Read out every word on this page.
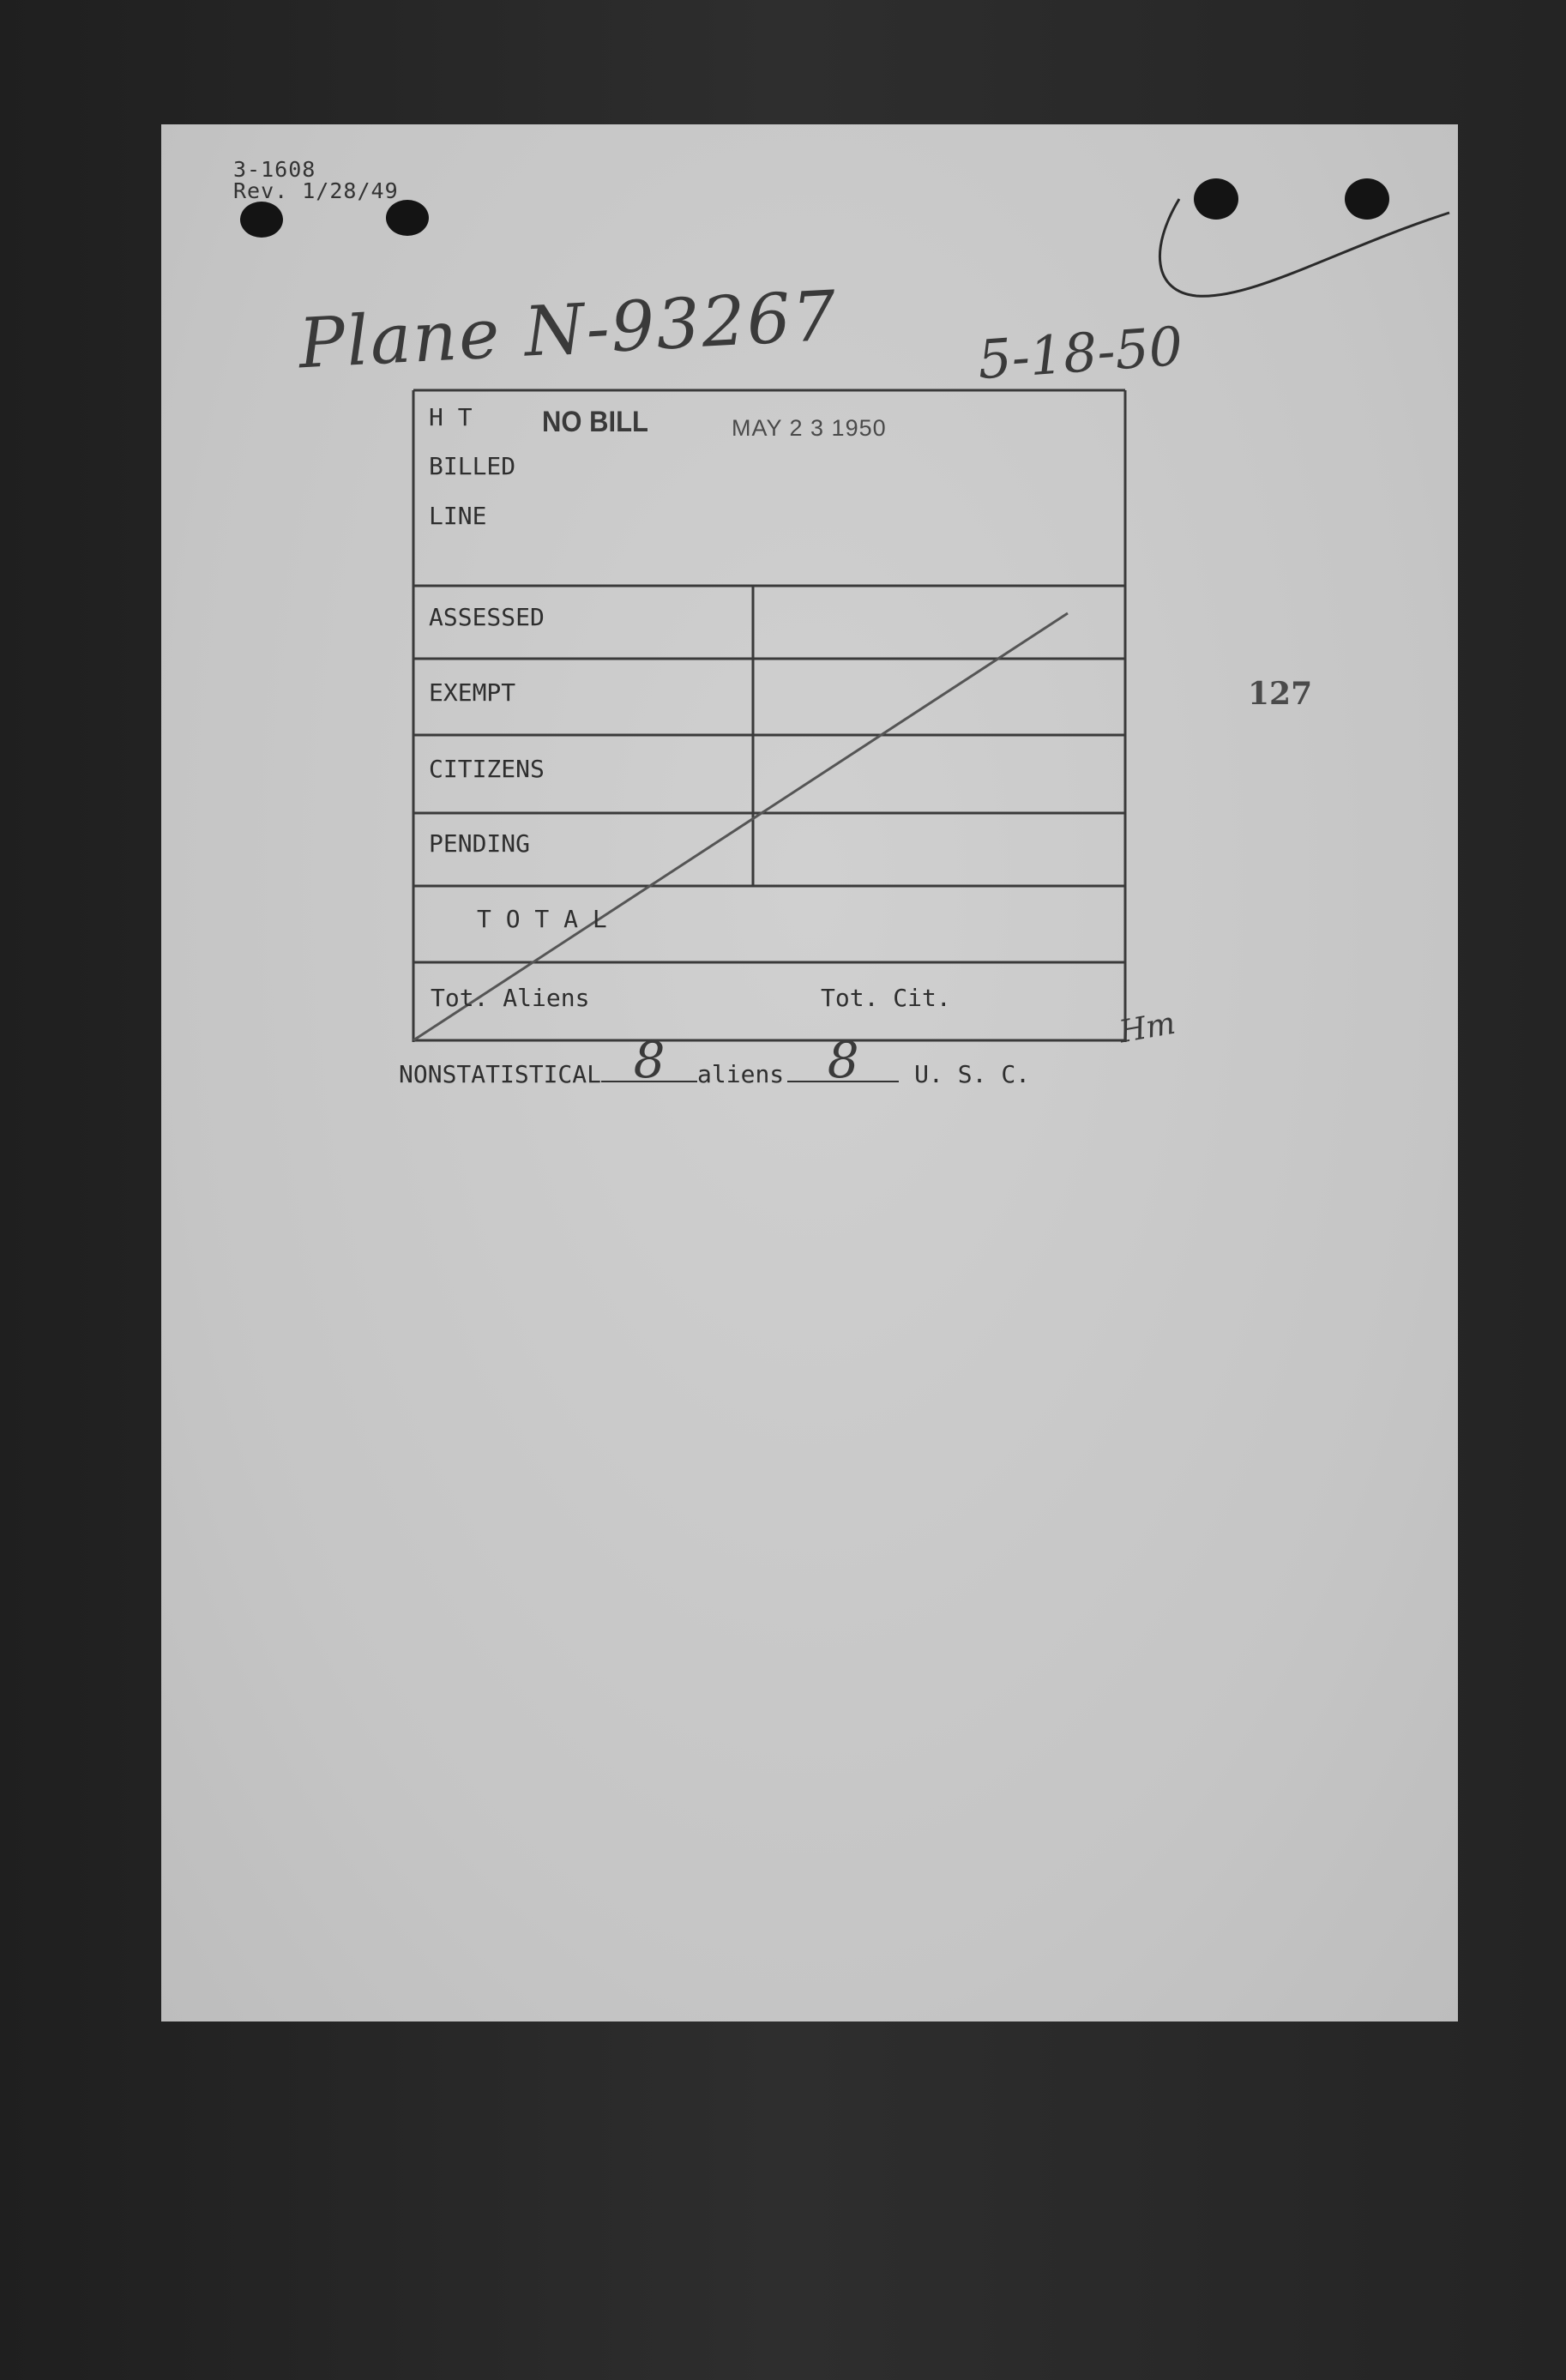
3-1608
Rev. 1/28/49
Plane N-93267	5-18-50
NO BILL	MAY 2 3 1950
127
H T
BILLED
LINE
ASSESSED
EXEMPT
CITIZENS
PENDING
T O T A L
Tot. Aliens	Tot. Cit.
Hm
NONSTATISTICAL 8	aliens 8	U. S. C.
